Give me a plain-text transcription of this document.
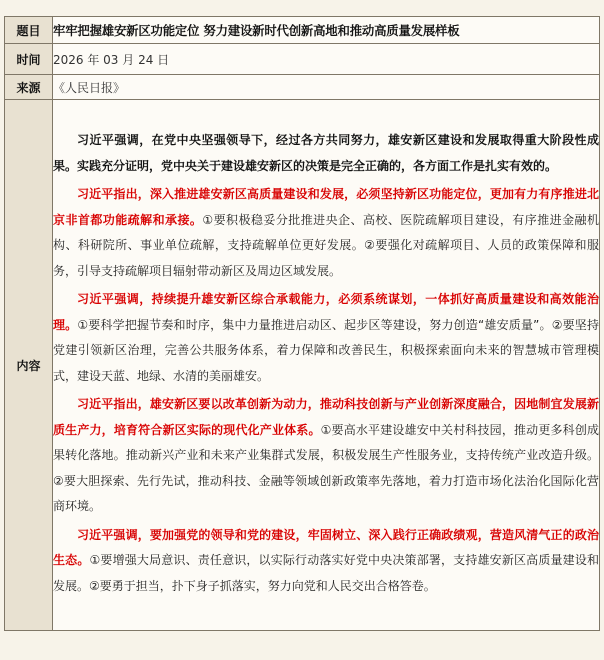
题目	牢牢把握雄安新区功能定位 努力建设新时代创新高地和推动高质量发展样板
时间	2026 年 03 月 24 日
来源	《人民日报》
内容	习近平强调，在党中央坚强领导下，经过各方共同努力，雄安新区建设和发展取得重大阶段性成果。实践充分证明，党中央关于建设雄安新区的决策是完全正确的，各方面工作是扎实有效的。

习近平指出，深入推进雄安新区高质量建设和发展，必须坚持新区功能定位，更加有力有序推进北京非首都功能疏解和承接。①要积极稳妥分批推进央企、高校、医院疏解项目建设，有序推进金融机构、科研院所、事业单位疏解，支持疏解单位更好发展。②要强化对疏解项目、人员的政策保障和服务，引导支持疏解项目辐射带动新区及周边区域发展。

习近平强调，持续提升雄安新区综合承载能力，必须系统谋划，一体抓好高质量建设和高效能治理。①要科学把握节奏和时序，集中力量推进启动区、起步区等建设，努力创造“雄安质量”。②要坚持党建引领新区治理，完善公共服务体系，着力保障和改善民生，积极探索面向未来的智慧城市管理模式，建设天蓝、地绿、水清的美丽雄安。

习近平指出，雄安新区要以改革创新为动力，推动科技创新与产业创新深度融合，因地制宜发展新质生产力，培育符合新区实际的现代化产业体系。①要高水平建设雄安中关村科技园，推动更多科创成果转化落地。推动新兴产业和未来产业集群式发展，积极发展生产性服务业，支持传统产业改造升级。②要大胆探索、先行先试，推动科技、金融等领域创新政策率先落地，着力打造市场化法治化国际化营商环境。

习近平强调，要加强党的领导和党的建设，牢固树立、深入践行正确政绩观，营造风清气正的政治生态。①要增强大局意识、责任意识，以实际行动落实好党中央决策部署，支持雄安新区高质量建设和发展。②要勇于担当，扑下身子抓落实，努力向党和人民交出合格答卷。
